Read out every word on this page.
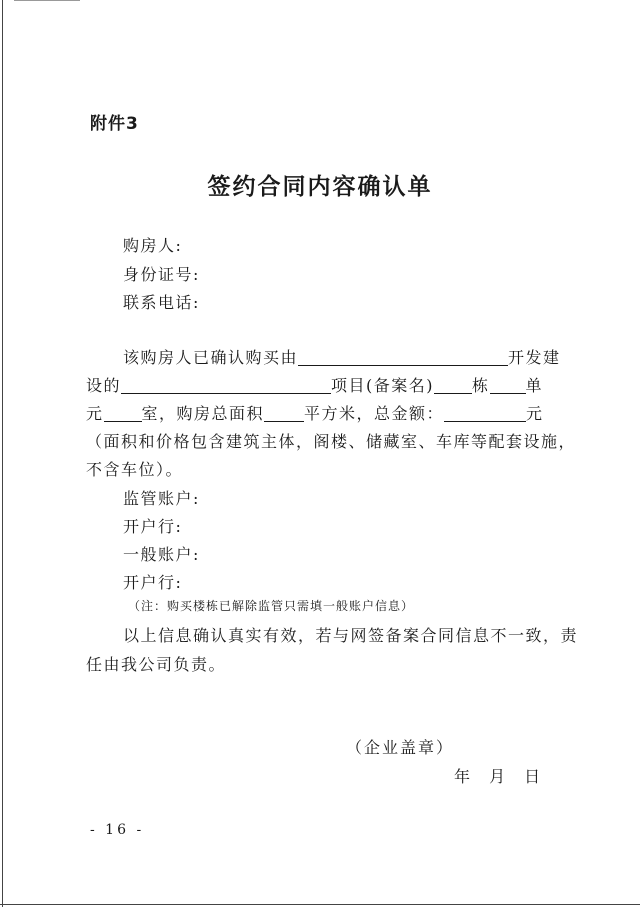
附件3
签约合同内容确认单
购房人:
身份证号:
联系电话:
该购房人已确认购买由	开发建
设的	项目(备案名) 栋 单
元 室，购房总面积	平方米，总金额：	元
（面积和价格包含建筑主体，阁楼、储藏室、车库等配套设施，
不含车位）。
监管账户:
开户行:
一般账户:
开户行:
（注：购买楼栋已解除监管只需填一般账户信息）
以上信息确认真实有效，若与网签备案合同信息不一致，责
任由我公司负责。
（企业盖章）
年 月 日
- 16 -
